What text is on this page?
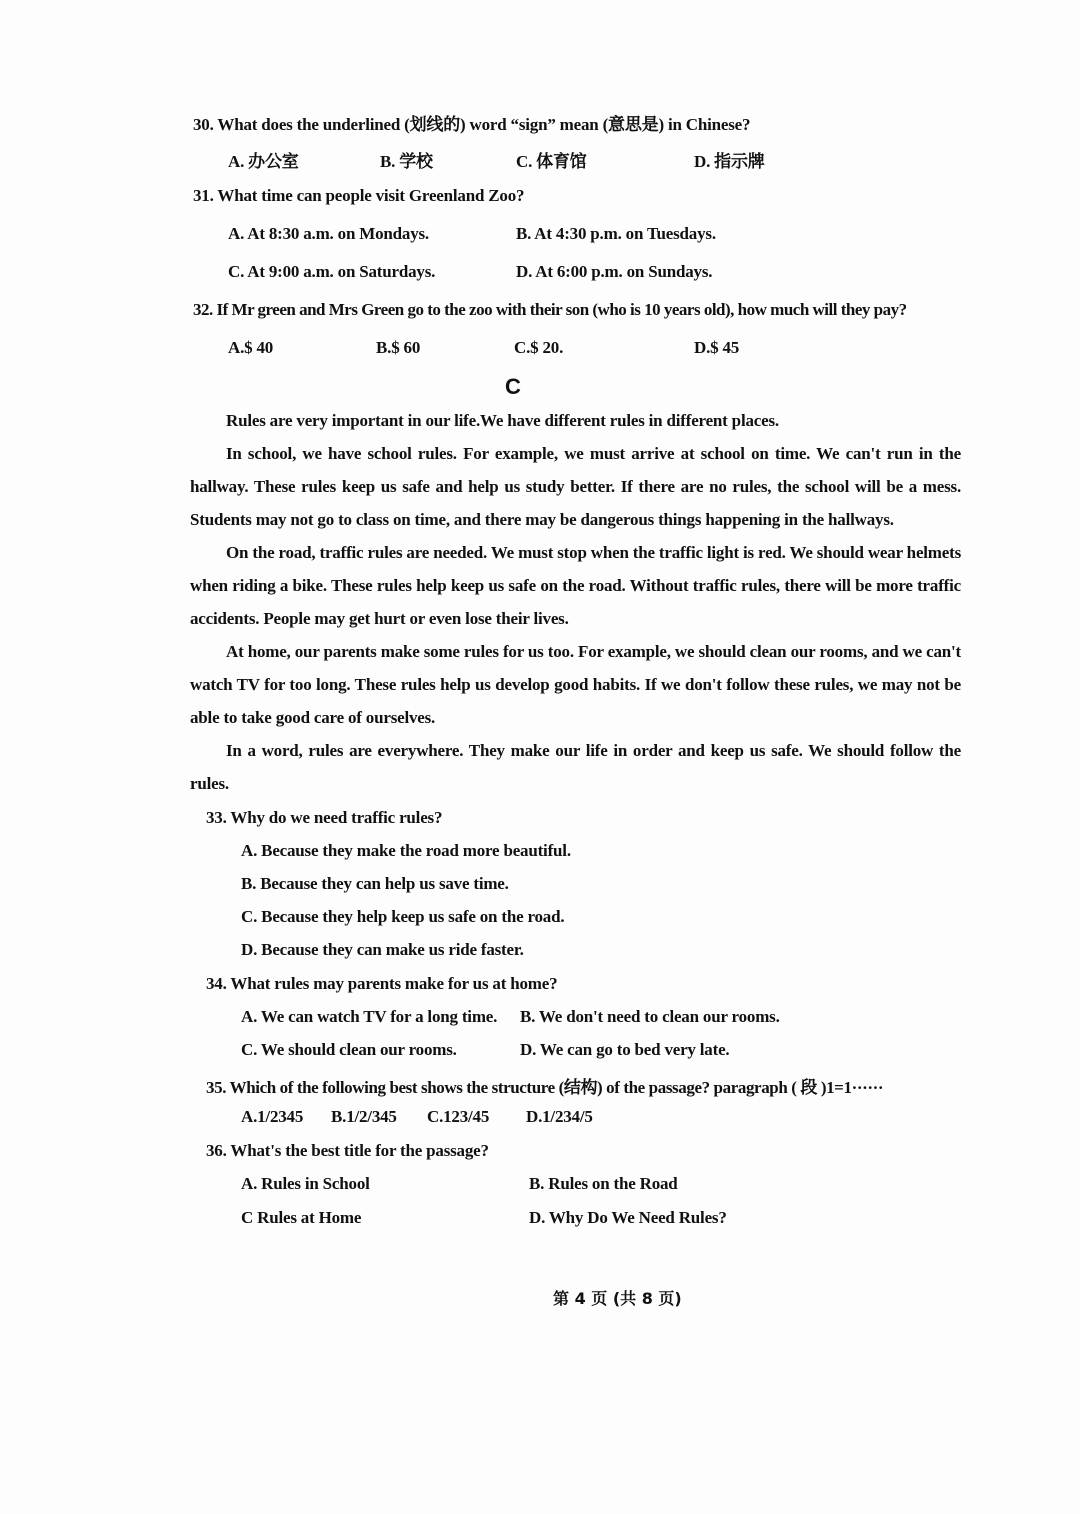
30. What does the underlined (划线的) word “sign” mean (意思是) in Chinese?
A. 办公室	B. 学校	C. 体育馆	D. 指示牌
31. What time can people visit Greenland Zoo?
A. At 8:30 a.m. on Mondays.	B. At 4:30 p.m. on Tuesdays.
C. At 9:00 a.m. on Saturdays.	D. At 6:00 p.m. on Sundays.
32. If Mr green and Mrs Green go to the zoo with their son (who is 10 years old), how much will they pay?
A.$ 40	B.$ 60	C.$ 20.	D.$ 45
C
Rules are very important in our life.We have different rules in different places.
In school, we have school rules. For example, we must arrive at school on time. We can't run in the hallway. These rules keep us safe and help us study better. If there are no rules, the school will be a mess. Students may not go to class on time, and there may be dangerous things happening in the hallways.
On the road, traffic rules are needed. We must stop when the traffic light is red. We should wear helmets when riding a bike. These rules help keep us safe on the road. Without traffic rules, there will be more traffic accidents. People may get hurt or even lose their lives.
At home, our parents make some rules for us too. For example, we should clean our rooms, and we can't watch TV for too long. These rules help us develop good habits. If we don't follow these rules, we may not be able to take good care of ourselves.
In a word, rules are everywhere. They make our life in order and keep us safe. We should follow the rules.
33. Why do we need traffic rules?
A. Because they make the road more beautiful.
B. Because they can help us save time.
C. Because they help keep us safe on the road.
D. Because they can make us ride faster.
34. What rules may parents make for us at home?
A. We can watch TV for a long time. B. We don't need to clean our rooms.
C. We should clean our rooms.	D. We can go to bed very late.
35. Which of the following best shows the structure (结构) of the passage? paragraph ( 段 )1=1······
A.1/2345 B.1/2/345 C.123/45 D.1/234/5
36. What's the best title for the passage?
A. Rules in School	B. Rules on the Road
C Rules at Home	D. Why Do We Need Rules?
第 4 页 (共 8 页)
